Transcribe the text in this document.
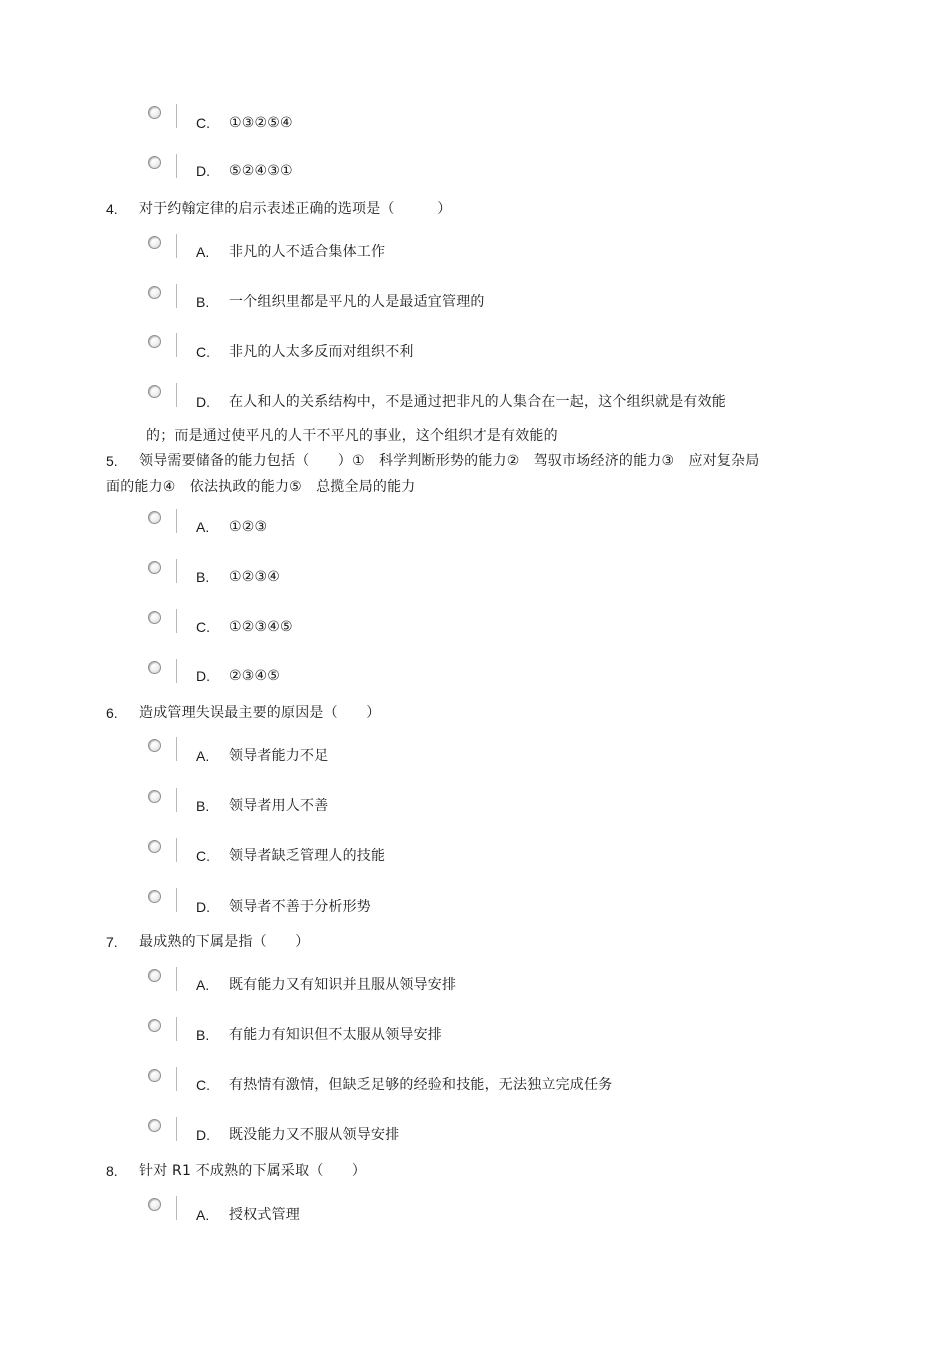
C. ①③②⑤④
D. ⑤②④③①
4. 对于约翰定律的启示表述正确的选项是（　　　）
A. 非凡的人不适合集体工作
B. 一个组织里都是平凡的人是最适宜管理的
C. 非凡的人太多反而对组织不利
D. 在人和人的关系结构中，不是通过把非凡的人集合在一起，这个组织就是有效能
的；而是通过使平凡的人干不平凡的事业，这个组织才是有效能的
5. 领导需要储备的能力包括（　　）①　科学判断形势的能力②　驾驭市场经济的能力③　应对复杂局
面的能力④　依法执政的能力⑤　总揽全局的能力
A. ①②③
B. ①②③④
C. ①②③④⑤
D. ②③④⑤
6. 造成管理失误最主要的原因是（　　）
A. 领导者能力不足
B. 领导者用人不善
C. 领导者缺乏管理人的技能
D. 领导者不善于分析形势
7. 最成熟的下属是指（　　）
A. 既有能力又有知识并且服从领导安排
B. 有能力有知识但不太服从领导安排
C. 有热情有激情，但缺乏足够的经验和技能，无法独立完成任务
D. 既没能力又不服从领导安排
8. 针对 R1 不成熟的下属采取（　　）
A. 授权式管理
